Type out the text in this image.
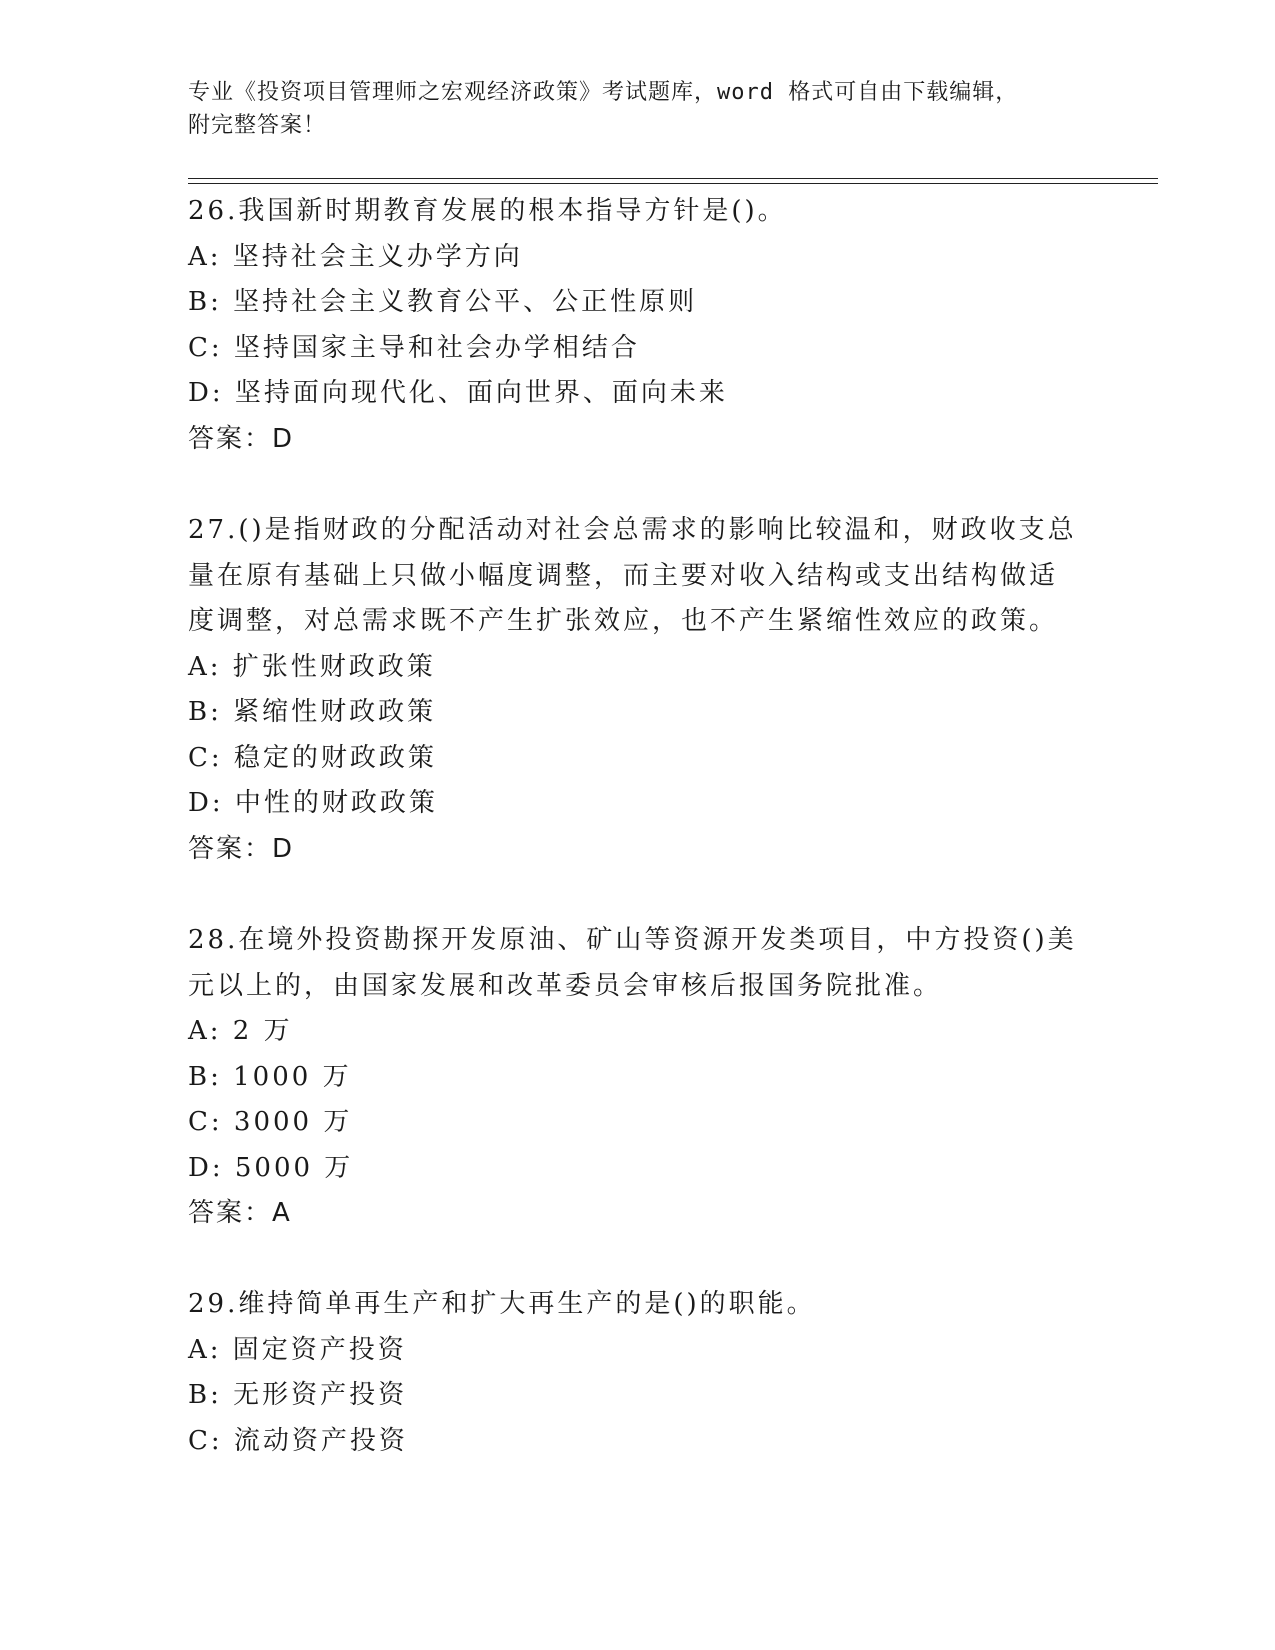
专业《投资项目管理师之宏观经济政策》考试题库，word 格式可自由下载编辑，
附完整答案！
26.我国新时期教育发展的根本指导方针是()。
A: 坚持社会主义办学方向
B: 坚持社会主义教育公平、公正性原则
C: 坚持国家主导和社会办学相结合
D: 坚持面向现代化、面向世界、面向未来
答案：D
27.()是指财政的分配活动对社会总需求的影响比较温和，财政收支总
量在原有基础上只做小幅度调整，而主要对收入结构或支出结构做适
度调整，对总需求既不产生扩张效应，也不产生紧缩性效应的政策。
A: 扩张性财政政策
B: 紧缩性财政政策
C: 稳定的财政政策
D: 中性的财政政策
答案：D
28.在境外投资勘探开发原油、矿山等资源开发类项目，中方投资()美
元以上的，由国家发展和改革委员会审核后报国务院批准。
A: 2 万
B: 1000 万
C: 3000 万
D: 5000 万
答案：A
29.维持简单再生产和扩大再生产的是()的职能。
A: 固定资产投资
B: 无形资产投资
C: 流动资产投资
